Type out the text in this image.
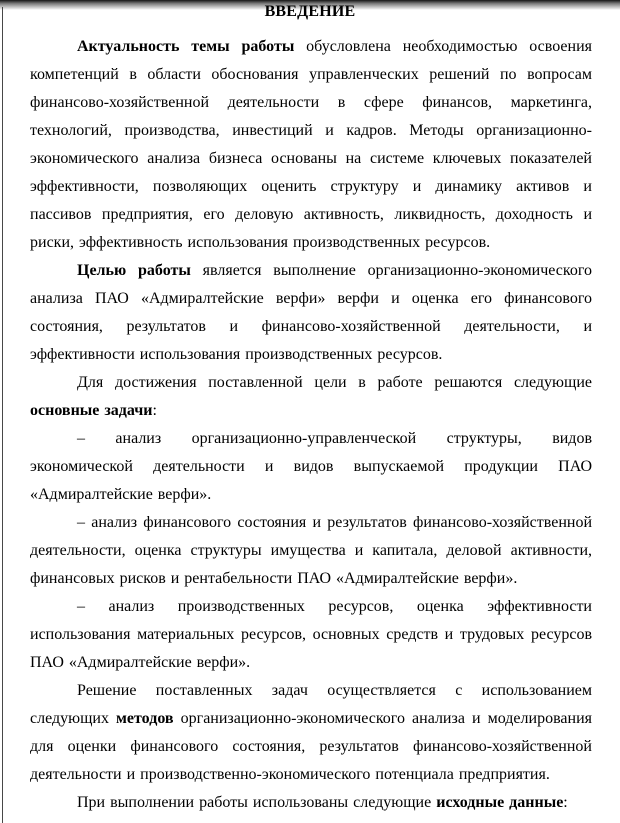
ВВЕДЕНИЕ

Актуальность темы работы обусловлена необходимостью освоения компетенций в области обоснования управленческих решений по вопросам финансово-хозяйственной деятельности в сфере финансов, маркетинга, технологий, производства, инвестиций и кадров. Методы организационно-экономического анализа бизнеса основаны на системе ключевых показателей эффективности, позволяющих оценить структуру и динамику активов и пассивов предприятия, его деловую активность, ликвидность, доходность и риски, эффективность использования производственных ресурсов.

Целью работы является выполнение организационно-экономического анализа ПАО «Адмиралтейские верфи» верфи и оценка его финансового состояния, результатов и финансово-хозяйственной деятельности, и эффективности использования производственных ресурсов.

Для достижения поставленной цели в работе решаются следующие основные задачи:

– анализ организационно-управленческой структуры, видов экономической деятельности и видов выпускаемой продукции ПАО «Адмиралтейские верфи».

– анализ финансового состояния и результатов финансово-хозяйственной деятельности, оценка структуры имущества и капитала, деловой активности, финансовых рисков и рентабельности ПАО «Адмиралтейские верфи».

– анализ производственных ресурсов, оценка эффективности использования материальных ресурсов, основных средств и трудовых ресурсов ПАО «Адмиралтейские верфи».

Решение поставленных задач осуществляется с использованием следующих методов организационно-экономического анализа и моделирования для оценки финансового состояния, результатов финансово-хозяйственной деятельности и производственно-экономического потенциала предприятия.

При выполнении работы использованы следующие исходные данные:
